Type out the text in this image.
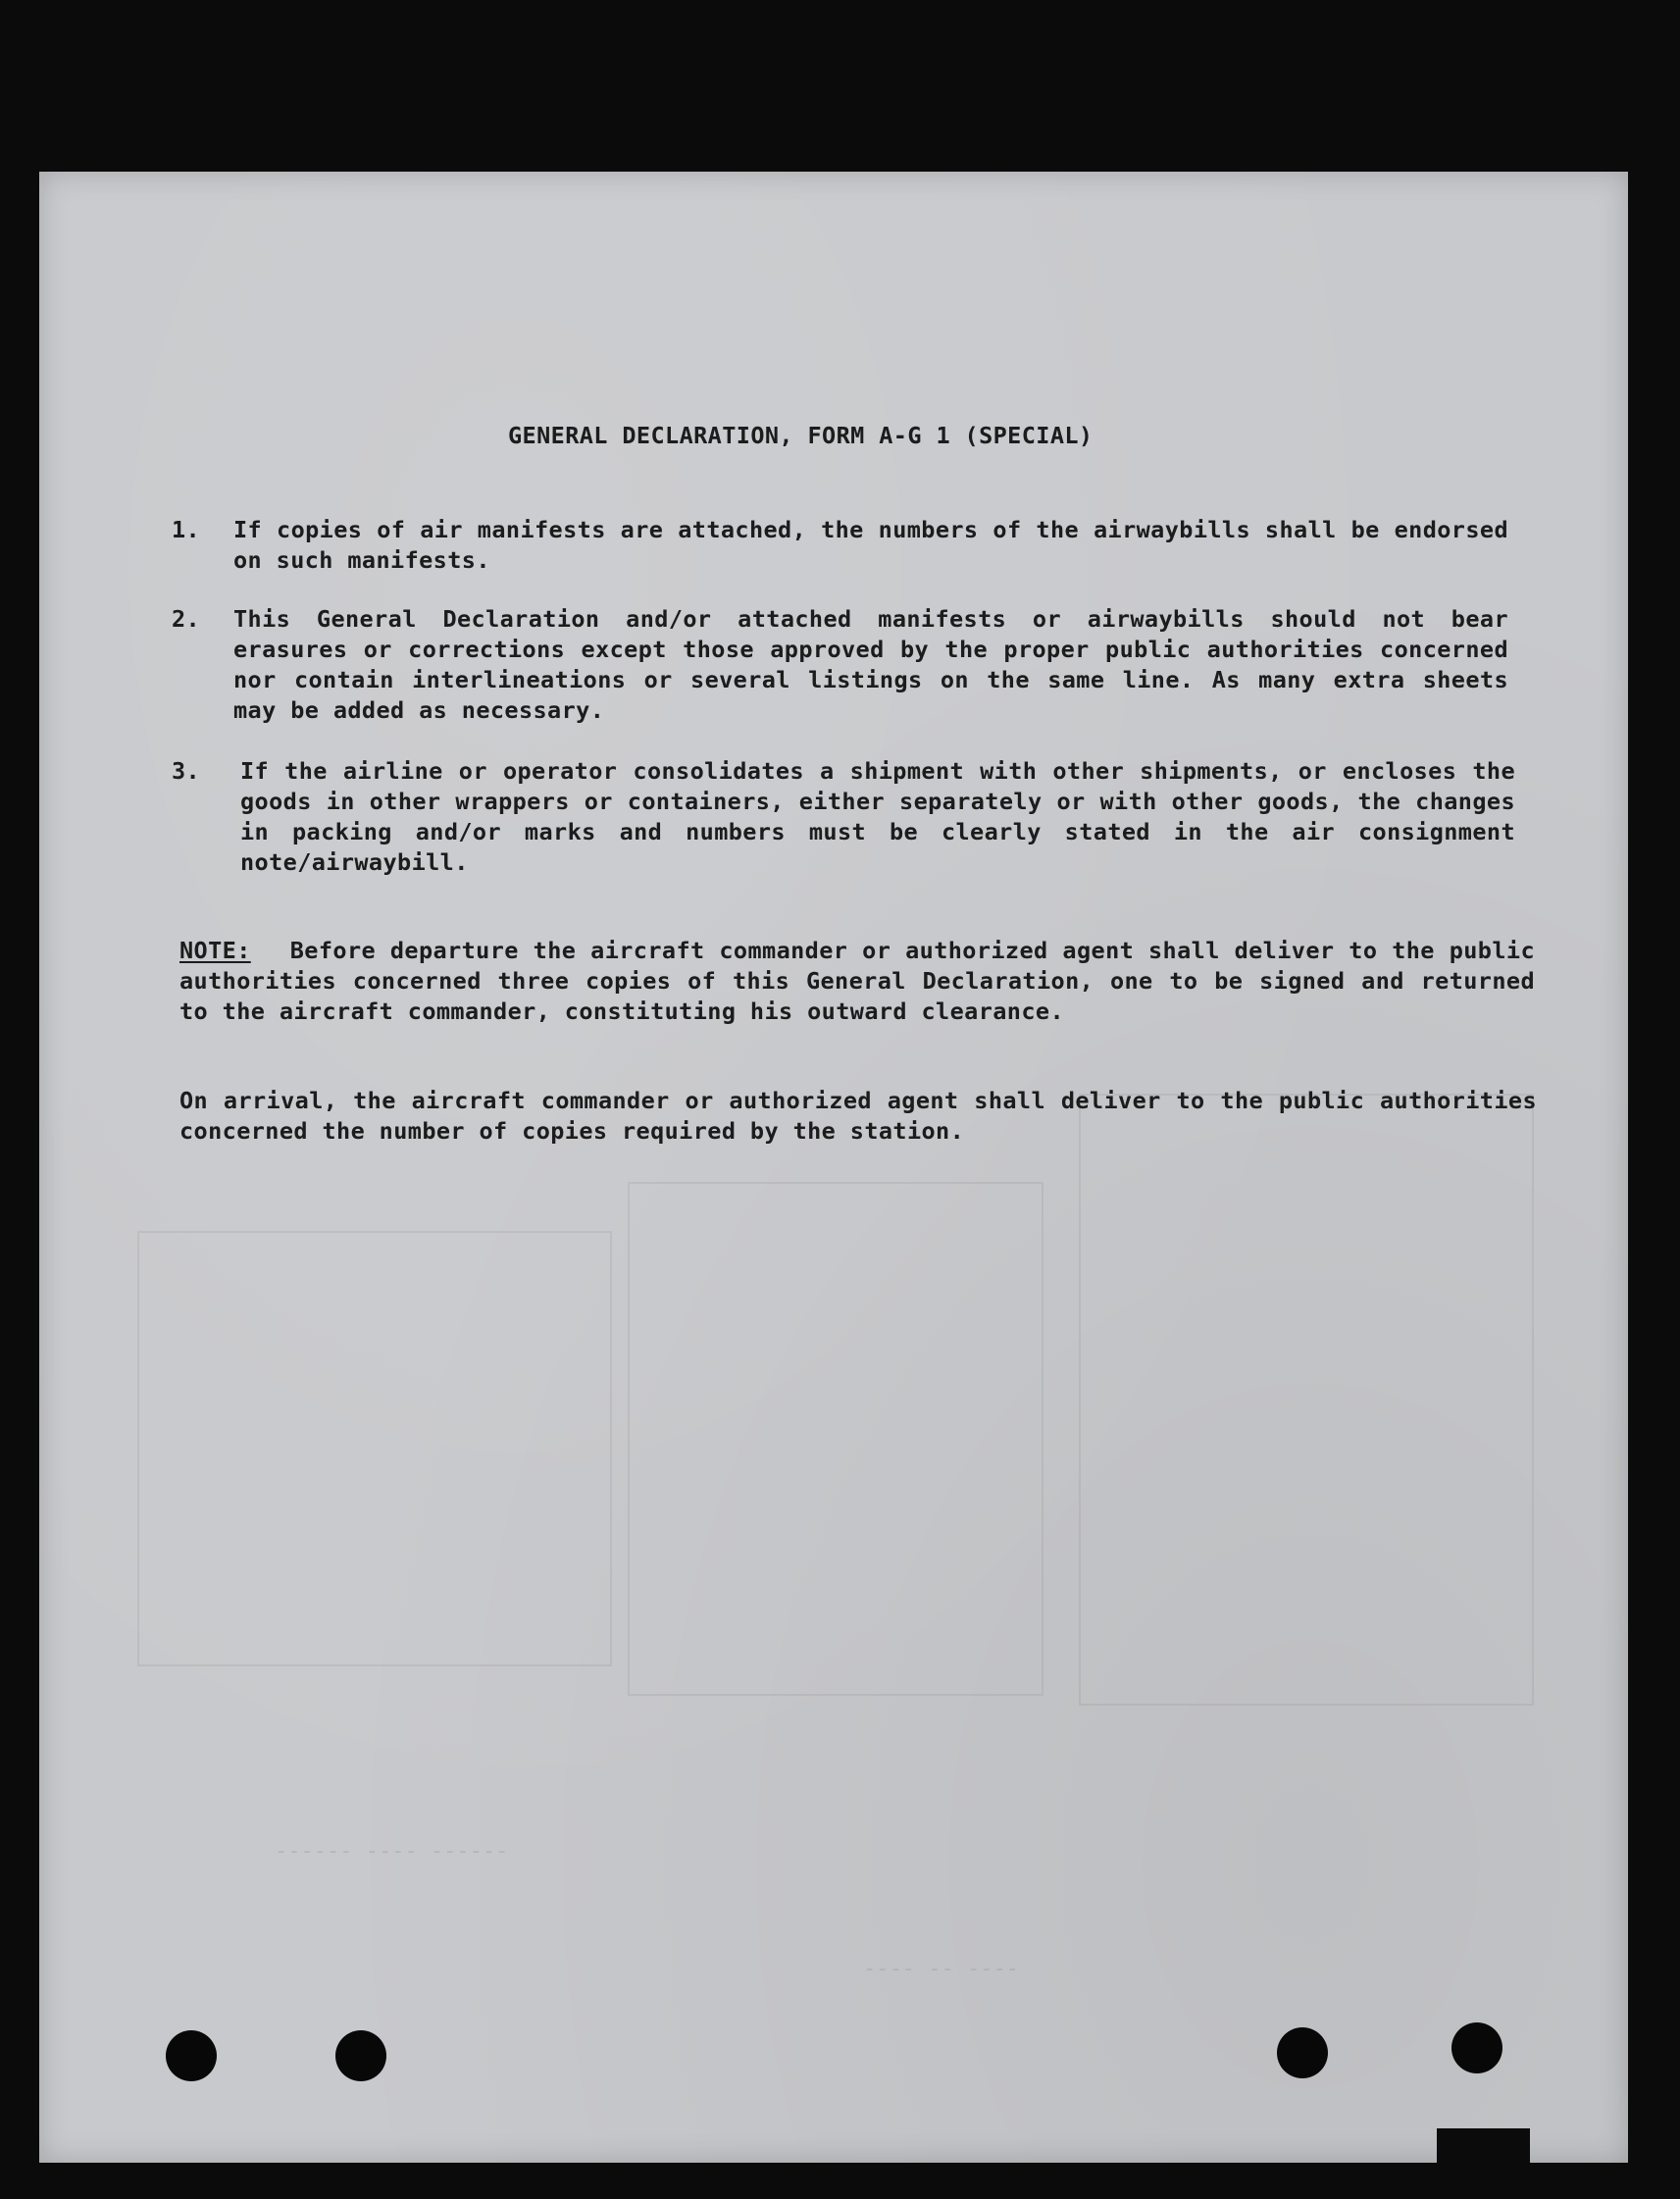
------ ---- ------
---- -- ----
GENERAL DECLARATION, FORM A-G 1 (SPECIAL)
1.	If copies of air manifests are attached, the numbers of the airwaybills shall be endorsed on such manifests.
2.	This General Declaration and/or attached manifests or airwaybills should not bear erasures or corrections except those approved by the proper public authorities concerned nor contain interlineations or several listings on the same line. As many extra sheets may be added as necessary.
3.	If the airline or operator consolidates a shipment with other shipments, or encloses the goods in other wrappers or containers, either separately or with other goods, the changes in packing and/or marks and numbers must be clearly stated in the air consignment note/airwaybill.
NOTE: Before departure the aircraft commander or authorized agent shall deliver to the public authorities concerned three copies of this General Declaration, one to be signed and returned to the aircraft commander, constituting his outward clearance.
On arrival, the aircraft commander or authorized agent shall deliver to the public authorities concerned the number of copies required by the station.
